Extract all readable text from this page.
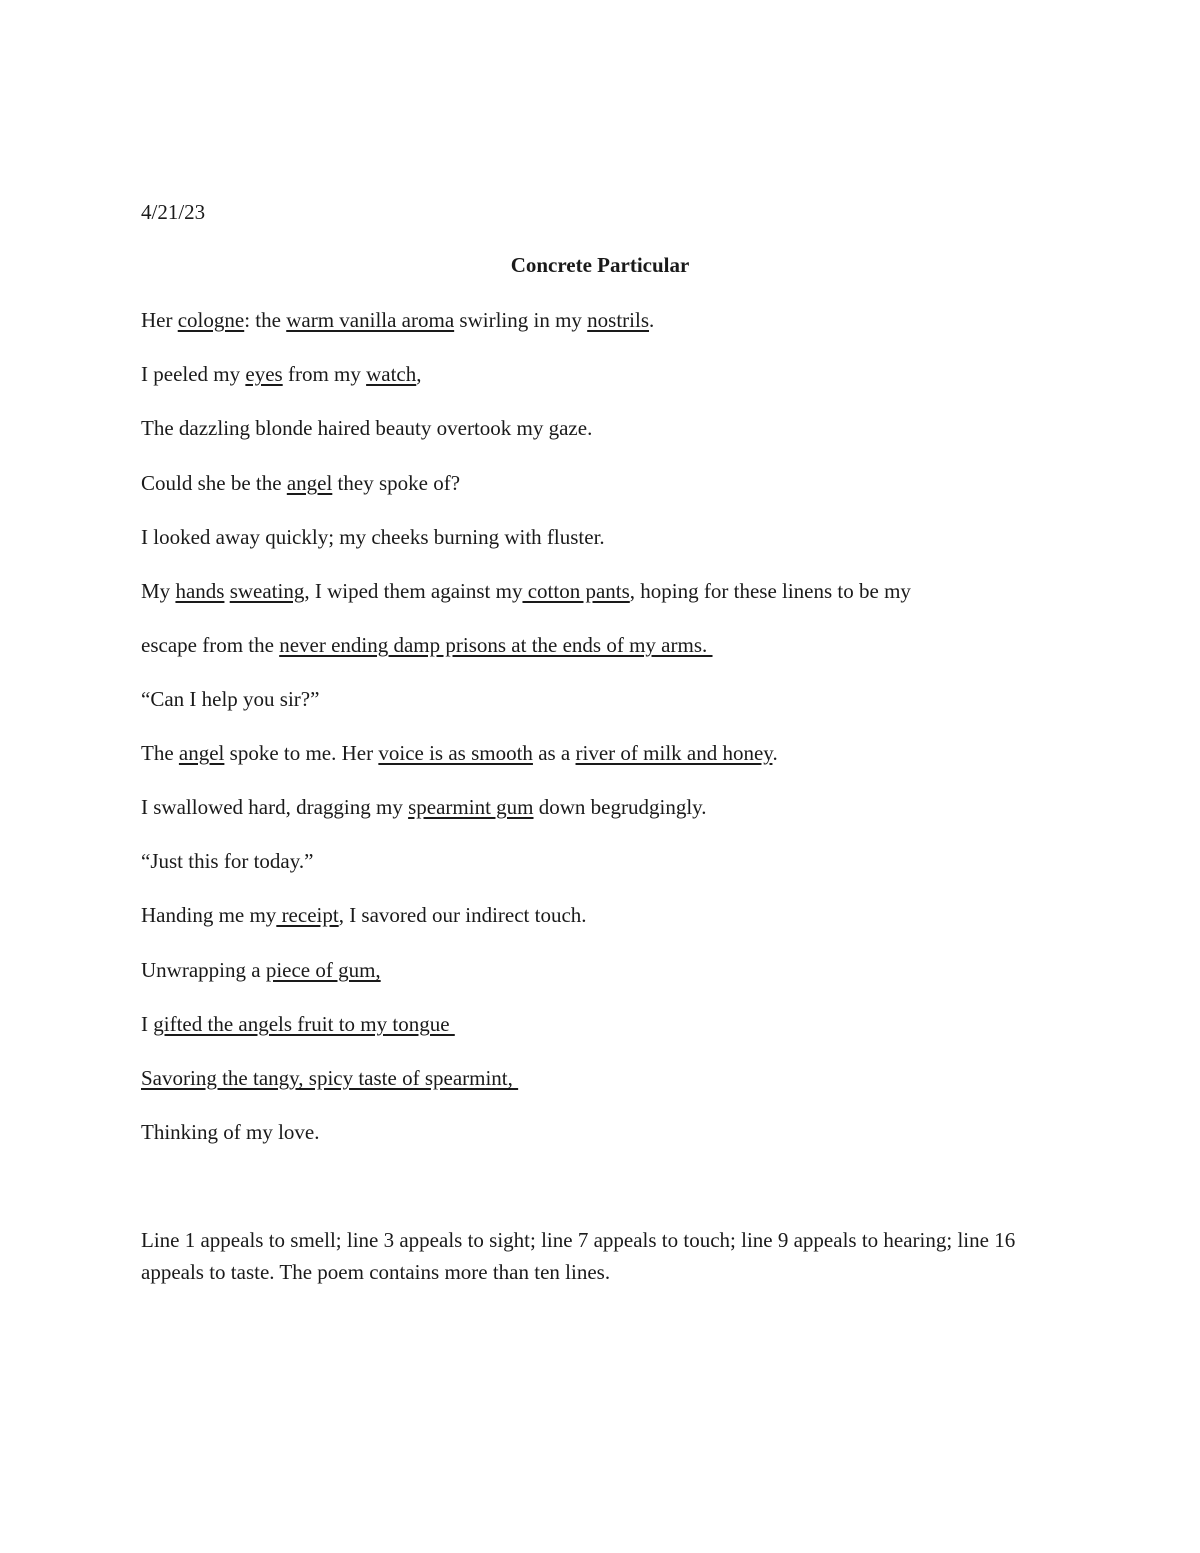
4/21/23
Concrete Particular
Her cologne: the warm vanilla aroma swirling in my nostrils.
I peeled my eyes from my watch,
The dazzling blonde haired beauty overtook my gaze.
Could she be the angel they spoke of?
I looked away quickly; my cheeks burning with fluster.
My hands sweating, I wiped them against my cotton pants, hoping for these linens to be my
escape from the never ending damp prisons at the ends of my arms.
“Can I help you sir?”
The angel spoke to me. Her voice is as smooth as a river of milk and honey.
I swallowed hard, dragging my spearmint gum down begrudgingly.
“Just this for today.”
Handing me my receipt, I savored our indirect touch.
Unwrapping a piece of gum,
I gifted the angels fruit to my tongue
Savoring the tangy, spicy taste of spearmint,
Thinking of my love.
Line 1 appeals to smell; line 3 appeals to sight; line 7 appeals to touch; line 9 appeals to hearing; line 16 appeals to taste. The poem contains more than ten lines.
